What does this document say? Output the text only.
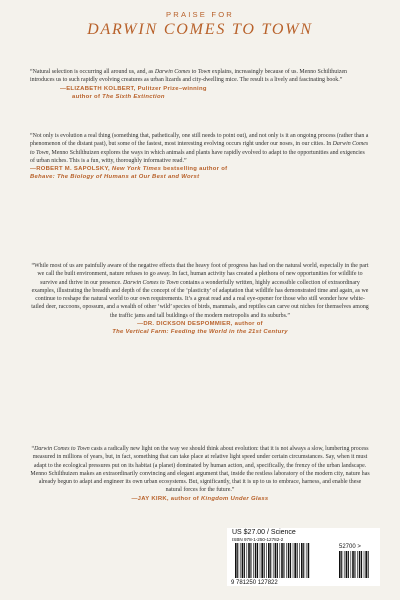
PRAISE FOR
DARWIN COMES TO TOWN

“Natural selection is occurring all around us, and, as Darwin Comes to Town explains, increasingly because of us. Menno Schilthuizen introduces us to such rapidly evolving creatures as urban lizards and city-dwelling mice. The result is a lively and fascinating book.”

—ELIZABETH KOLBERT, Pulitzer Prize–winning
author of The Sixth Extinction

“Not only is evolution a real thing (something that, pathetically, one still needs to point out), and not only is it an ongoing process (rather than a phenomenon of the distant past), but some of the fastest, most interesting evolving occurs right under our noses, in our cities. In Darwin Comes to Town, Menno Schilthuizen explores the ways in which animals and plants have rapidly evolved to adapt to the opportunities and exigencies of urban niches. This is a fun, witty, thoroughly informative read.”

—ROBERT M. SAPOLSKY, New York Times bestselling author of
Behave: The Biology of Humans at Our Best and Worst

“While most of us are painfully aware of the negative effects that the heavy foot of progress has had on the natural world, especially in the part we call the built environment, nature refuses to go away. In fact, human activity has created a plethora of new opportunities for wildlife to survive and thrive in our presence. Darwin Comes to Town contains a wonderfully written, highly accessible collection of extraordinary examples, illustrating the breadth and depth of the concept of the ‘plasticity’ of adaptation that wildlife has demonstrated time and again, as we continue to reshape the natural world to our own requirements. It’s a great read and a real eye-opener for those who still wonder how white-tailed deer, raccoons, opossum, and a wealth of other ‘wild’ species of birds, mammals, and reptiles can carve out niches for themselves among the traffic jams and tall buildings of the modern metropolis and its suburbs.”

—DR. DICKSON DESPOMMIER, author of
The Vertical Farm: Feeding the World in the 21st Century

“Darwin Comes to Town casts a radically new light on the way we should think about evolution: that it is not always a slow, lumbering process measured in millions of years, but, in fact, something that can take place at relative light speed under certain circumstances. Say, when it must adapt to the ecological pressures put on its habitat (a planet) dominated by human action, and, specifically, the frenzy of the urban landscape. Menno Schilthuizen makes an extraordinarily convincing and elegant argument that, inside the restless laboratory of the modern city, nature has already begun to adapt and engineer its own urban ecosystems. But, significantly, that it is up to us to embrace, harness, and enable these natural forces for the future.”

—JAY KIRK, author of Kingdom Under Glass
US $27.00 / Science
ISBN 978-1-250-12782-2
9 781250 127822
52700 >
